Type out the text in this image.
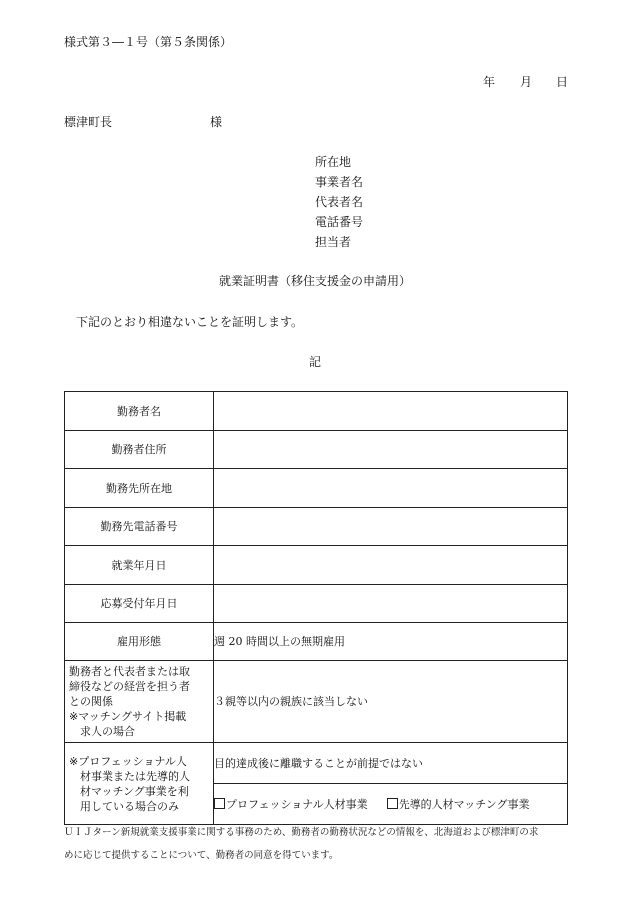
様式第３―１号（第５条関係）
年 月 日
標津町長	様
所在地
事業者名
代表者名
電話番号
担当者
就業証明書（移住支援金の申請用）
下記のとおり相違ないことを証明します。
記
勤務者名	
勤務者住所	
勤務先所在地	
勤務先電話番号	
就業年月日	
応募受付年月日	
雇用形態	週 20 時間以上の無期雇用

勤務者と代表者または取
締役などの経営を担う者
との関係
※マッチングサイト掲載
求人の場合	３親等以内の親族に該当しない

※プロフェッショナル人
材事業または先導的人
材マッチング事業を利
用している場合のみ	目的達成後に離職することが前提ではない
	プロフェッショナル人材事業 先導的人材マッチング事業
ＵＩＪターン新規就業支援事業に関する事務のため、勤務者の勤務状況などの情報を、北海道および標津町の求
めに応じて提供することについて、勤務者の同意を得ています。
